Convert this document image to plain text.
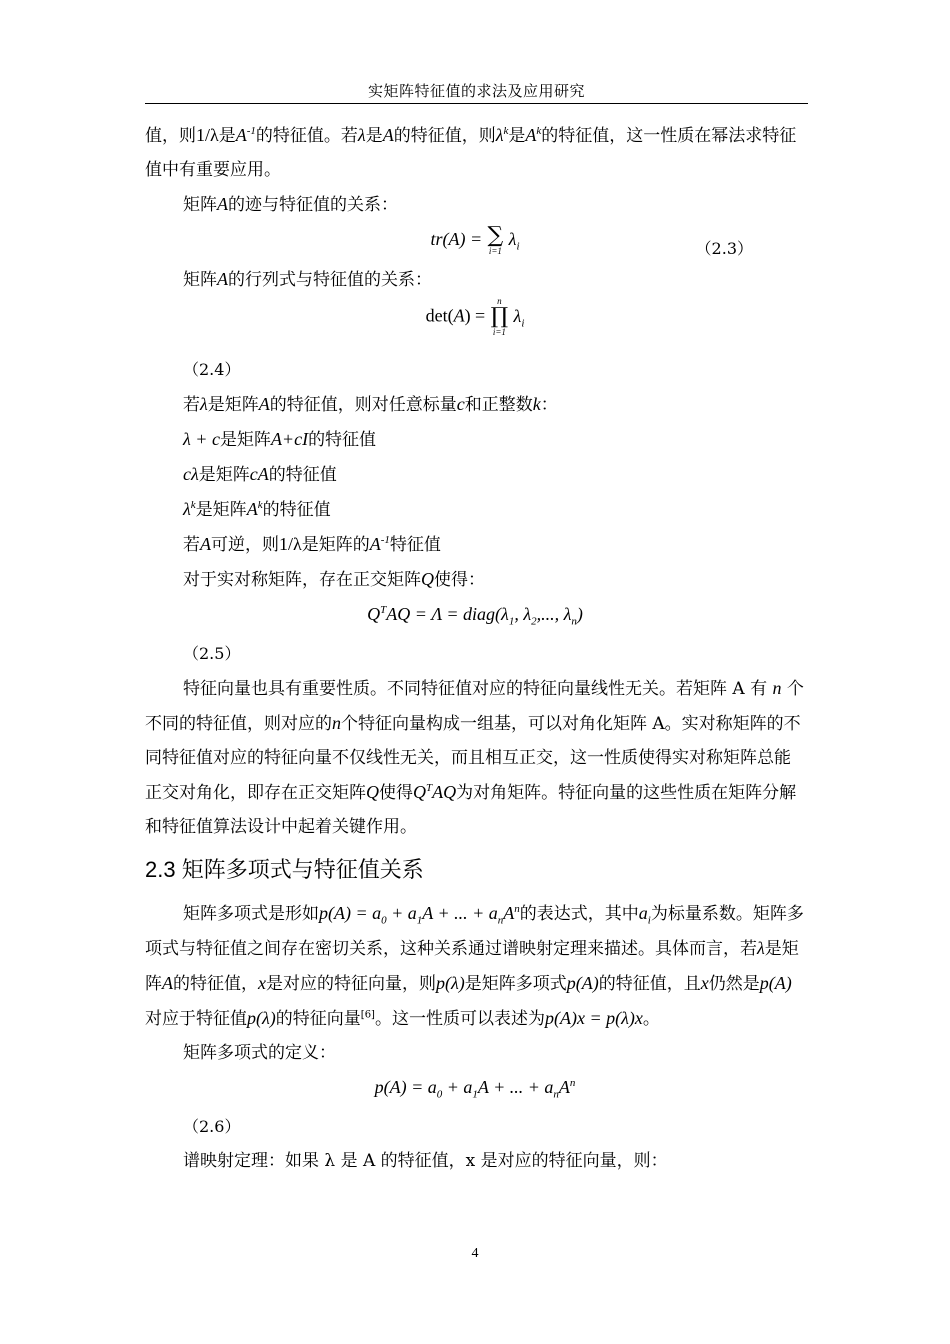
实矩阵特征值的求法及应用研究

值，则1/λ是$A^{-1}$的特征值。若λ是A的特征值，则$\lambda^k$是$A^k$的特征值，这一性质在幂法求特征值中有重要应用。

矩阵A的迹与特征值的关系：

tr(A) = ∑
i=1
$\lambda_i$	（2.3）

矩阵A的行列式与特征值的关系：

det(A) =
n
∏
i=1
$\lambda_i$

（2.4）

若λ是矩阵A的特征值，则对任意标量c和正整数k：

λ + c是矩阵A+cI的特征值

cλ是矩阵cA的特征值

$\lambda^k$是矩阵$A^k$的特征值

若A可逆，则1/λ是矩阵的$A^{-1}$特征值

对于实对称矩阵，存在正交矩阵Q使得：

$Q^TAQ = \Lambda$ = $diag(\lambda_1$, $\lambda_2$,..., $\lambda_n$)

（2.5）

特征向量也具有重要性质。不同特征值对应的特征向量线性无关。若矩阵 A 有 n 个不同的特征值，则对应的n个特征向量构成一组基，可以对角化矩阵 A。实对称矩阵的不同特征值对应的特征向量不仅线性无关，而且相互正交，这一性质使得实对称矩阵总能正交对角化，即存在正交矩阵Q使得$Q^TAQ$为对角矩阵。特征向量的这些性质在矩阵分解和特征值算法设计中起着关键作用。

2.3 矩阵多项式与特征值关系

矩阵多项式是形如$p(A) = a_0 + a_1A$ + ... + $a_nA^n$的表达式，其中$a_i$为标量系数。矩阵多项式与特征值之间存在密切关系，这种关系通过谱映射定理来描述。具体而言，若λ是矩阵A的特征值，x是对应的特征向量，则p(λ)是矩阵多项式p(A)的特征值，且x仍然是p(A)对应于特征值p(λ)的特征向量[6]。这一性质可以表述为p(A)x = p(λ)x。

矩阵多项式的定义：

$p(A) = a_0 + a_1A$ + ... + $a_nA^n$

（2.6）

谱映射定理：如果 λ 是 A 的特征值，x 是对应的特征向量，则：

4
